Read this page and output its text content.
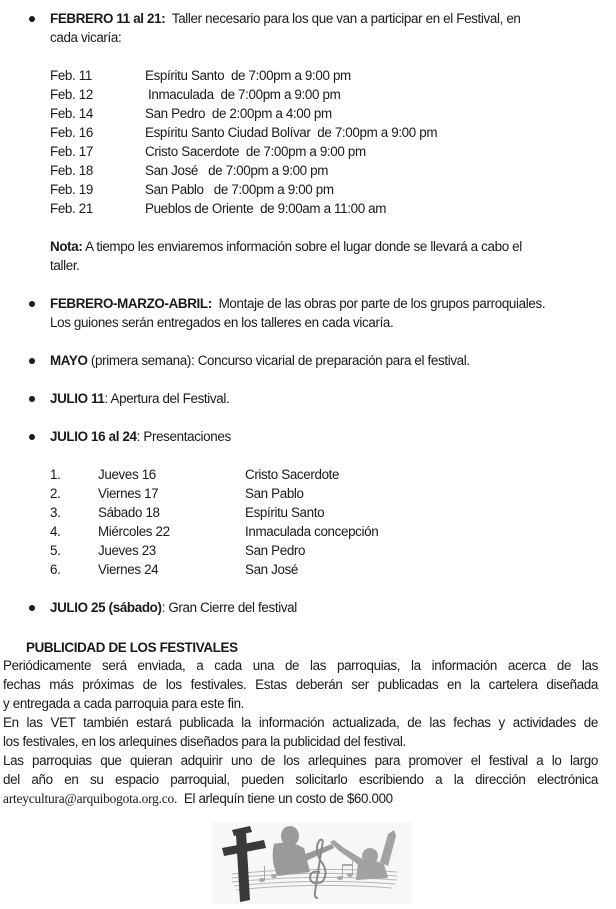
FEBRERO 11 al 21: Taller necesario para los que van a participar en el Festival, en
cada vicaría:
Feb. 11	Espíritu Santo  de 7:00pm a 9:00 pm
Feb. 12	Inmaculada  de 7:00pm a 9:00 pm
Feb. 14	San Pedro  de 2:00pm a 4:00 pm
Feb. 16	Espíritu Santo Ciudad Bolívar  de 7:00pm a 9:00 pm
Feb. 17	Cristo Sacerdote  de 7:00pm a 9:00 pm
Feb. 18	San José   de 7:00pm a 9:00 pm
Feb. 19	San Pablo   de 7:00pm a 9:00 pm
Feb. 21	Pueblos de Oriente  de 9:00am a 11:00 am
Nota: A tiempo les enviaremos información sobre el lugar donde se llevará a cabo el
taller.
FEBRERO-MARZO-ABRIL: Montaje de las obras por parte de los grupos parroquiales.
Los guiones serán entregados en los talleres en cada vicaría.
MAYO (primera semana): Concurso vicarial de preparación para el festival.
JULIO 11: Apertura del Festival.
JULIO 16 al 24: Presentaciones
1.	Jueves 16	Cristo Sacerdote
2.	Viernes 17	San Pablo
3.	Sábado 18	Espíritu Santo
4.	Miércoles 22	Inmaculada concepción
5.	Jueves 23	San Pedro
6.	Viernes 24	San José
JULIO 25 (sábado): Gran Cierre del festival
PUBLICIDAD DE LOS FESTIVALES
Periódicamente será enviada, a cada una de las parroquias, la información acerca de las
fechas más próximas de los festivales. Estas deberán ser publicadas en la cartelera diseñada
y entregada a cada parroquia para este fin.
En las VET también estará publicada la información actualizada, de las fechas y actividades de
los festivales, en los arlequines diseñados para la publicidad del festival.
Las parroquias que quieran adquirir uno de los arlequines para promover el festival a lo largo
del año en su espacio parroquial, pueden solicitarlo escribiendo a la dirección electrónica
arteycultura@arquibogota.org.co. El arlequín tiene un costo de $60.000
